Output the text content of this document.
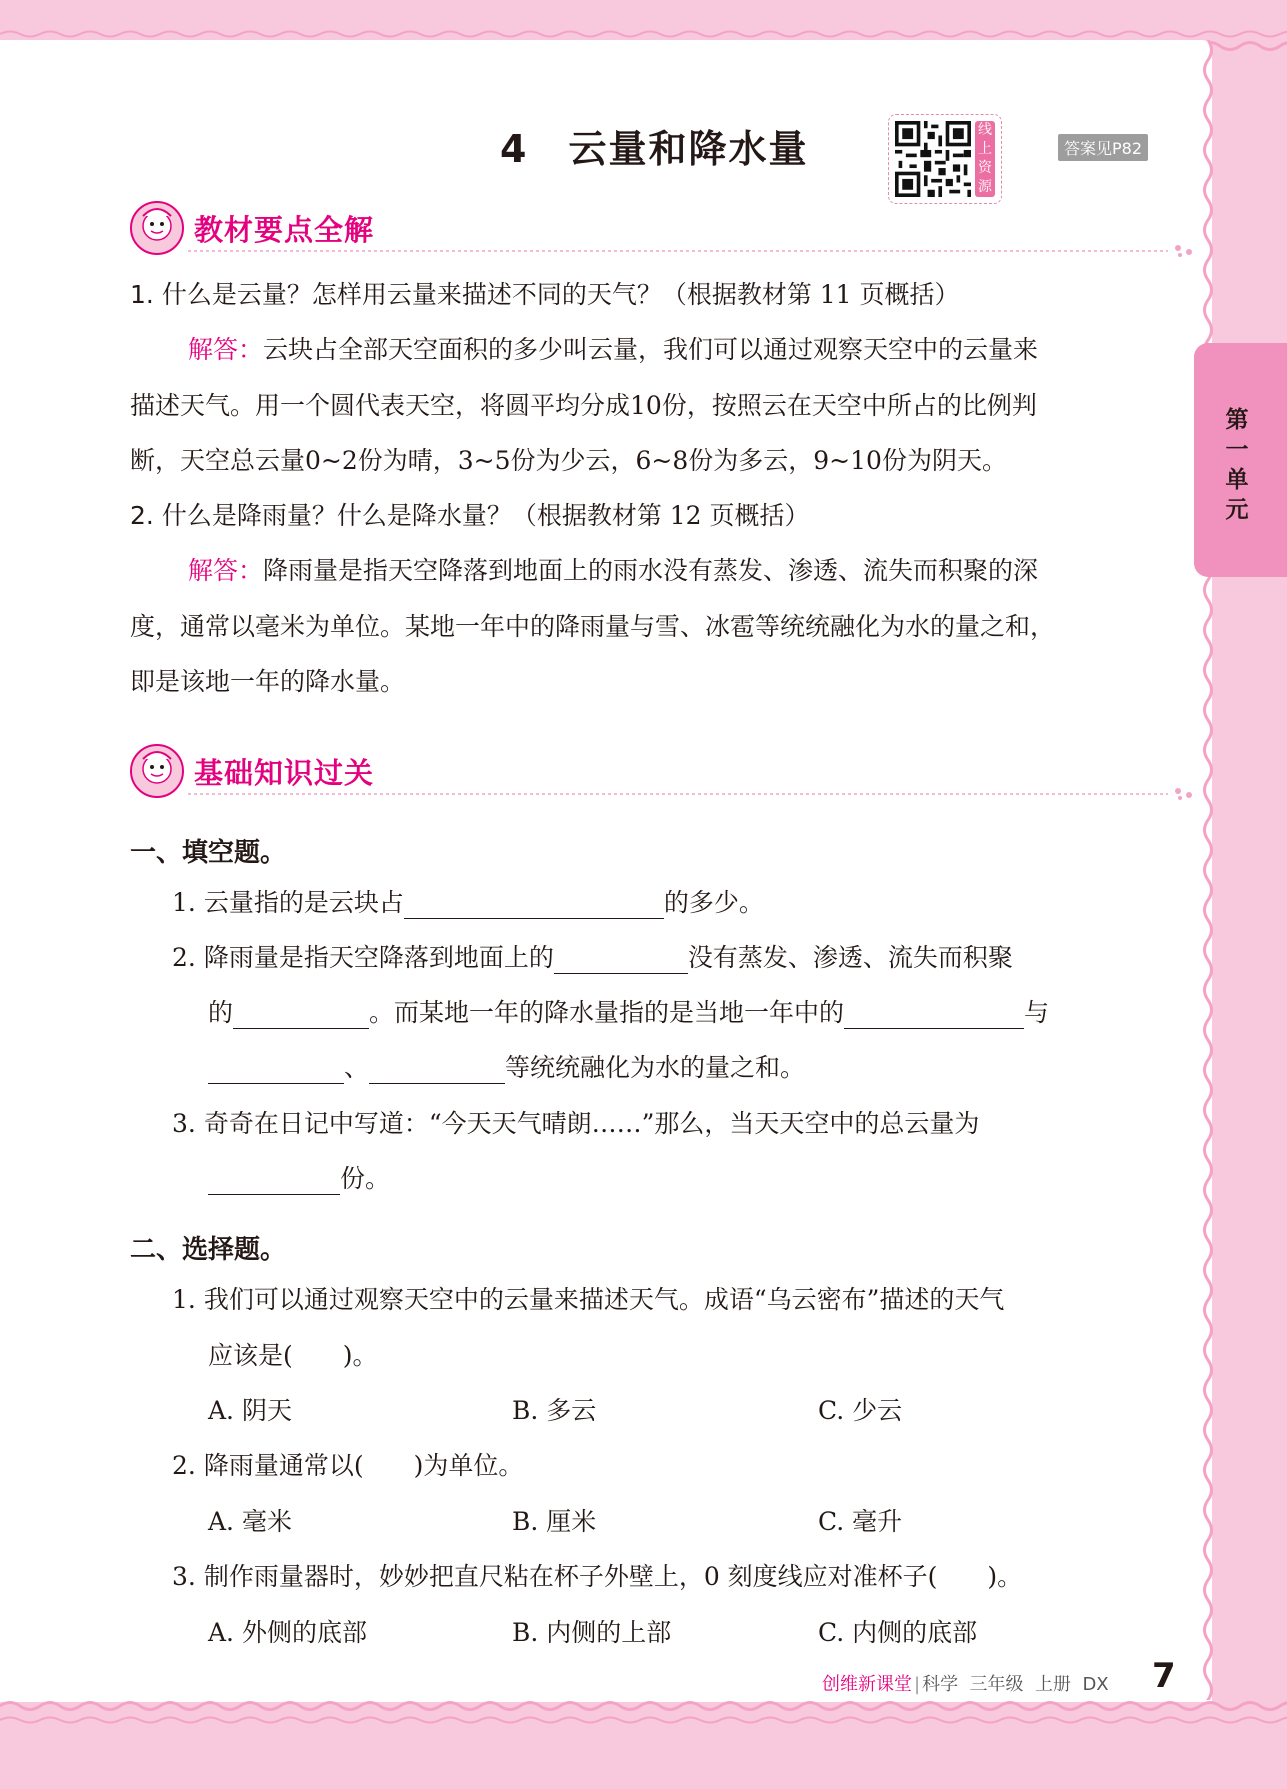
4　云量和降水量	线上资源
答案见P82
第一单元
教材要点全解
1. 什么是云量？怎样用云量来描述不同的天气？（根据教材第 11 页概括）
解答：云块占全部天空面积的多少叫云量，我们可以通过观察天空中的云量来
描述天气。用一个圆代表天空，将圆平均分成10份，按照云在天空中所占的比例判
断，天空总云量0~2份为晴，3~5份为少云，6~8份为多云，9~10份为阴天。
2. 什么是降雨量？什么是降水量？（根据教材第 12 页概括）
解答：降雨量是指天空降落到地面上的雨水没有蒸发、渗透、流失而积聚的深
度，通常以毫米为单位。某地一年中的降雨量与雪、冰雹等统统融化为水的量之和，
即是该地一年的降水量。
基础知识过关
一、填空题。
1. 云量指的是云块占	的多少。
2. 降雨量是指天空降落到地面上的	没有蒸发、渗透、流失而积聚
的	。而某地一年的降水量指的是当地一年中的	与
、	等统统融化为水的量之和。
3. 奇奇在日记中写道：“今天天气晴朗……”那么，当天天空中的总云量为
份。
二、选择题。
1. 我们可以通过观察天空中的云量来描述天气。成语“乌云密布”描述的天气
应该是(　　)。
A. 阴天	B. 多云	C. 少云
2. 降雨量通常以(　　)为单位。
A. 毫米	B. 厘米	C. 毫升
3. 制作雨量器时，妙妙把直尺粘在杯子外壁上，0 刻度线应对准杯子(　　)。
A. 外侧的底部	B. 内侧的上部	C. 内侧的底部
创维新课堂 | 科学 三年级 上册 DX 7
